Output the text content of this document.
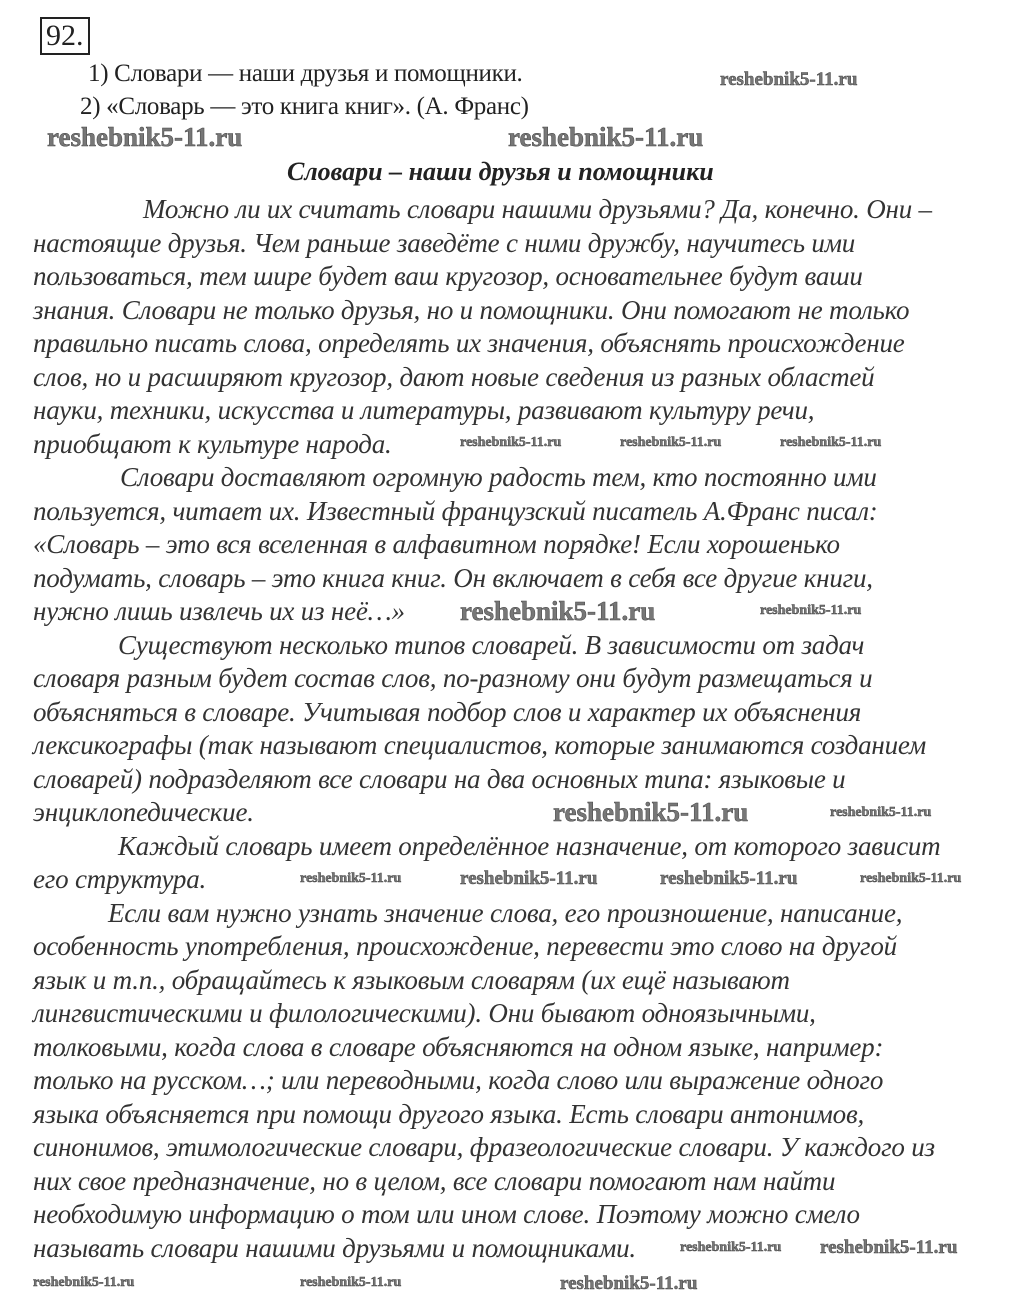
92.
1) Словари — наши друзья и помощники.
2) «Словарь — это книга книг». (А. Франс)
reshebnik5-11.ru	reshebnik5-11.ru
reshebnik5-11.ru
Словари – наши друзья и помощники
Можно ли их считать словари нашими друзьями? Да, конечно. Они –
настоящие друзья. Чем раньше заведёте с ними дружбу, научитесь ими
пользоваться, тем шире будет ваш кругозор, основательнее будут ваши
знания. Словари не только друзья, но и помощники. Они помогают не только
правильно писать слова, определять их значения, объяснять происхождение
слов, но и расширяют кругозор, дают новые сведения из разных областей
науки, техники, искусства и литературы, развивают культуру речи,
приобщают к культуре народа.
Словари доставляют огромную радость тем, кто постоянно ими
пользуется, читает их. Известный французский писатель А.Франс писал:
«Словарь – это вся вселенная в алфавитном порядке! Если хорошенько
подумать, словарь – это книга книг. Он включает в себя все другие книги,
нужно лишь извлечь их из неё…»
Существуют несколько типов словарей. В зависимости от задач
словаря разным будет состав слов, по-разному они будут размещаться и
объясняться в словаре. Учитывая подбор слов и характер их объяснения
лексикографы (так называют специалистов, которые занимаются созданием
словарей) подразделяют все словари на два основных типа: языковые и
энциклопедические.
Каждый словарь имеет определённое назначение, от которого зависит
его структура.
Если вам нужно узнать значение слова, его произношение, написание,
особенность употребления, происхождение, перевести это слово на другой
язык и т.п., обращайтесь к языковым словарям (их ещё называют
лингвистическими и филологическими). Они бывают одноязычными,
толковыми, когда слова в словаре объясняются на одном языке, например:
только на русском…; или переводными, когда слово или выражение одного
языка объясняется при помощи другого языка. Есть словари антонимов,
синонимов, этимологические словари, фразеологические словари. У каждого из
них свое предназначение, но в целом, все словари помогают нам найти
необходимую информацию о том или ином слове. Поэтому можно смело
называть словари нашими друзьями и помощниками.
reshebnik5-11.ru	reshebnik5-11.ru	reshebnik5-11.ru
reshebnik5-11.ru	reshebnik5-11.ru
reshebnik5-11.ru	reshebnik5-11.ru
reshebnik5-11.ru	reshebnik5-11.ru	reshebnik5-11.ru	reshebnik5-11.ru
reshebnik5-11.ru reshebnik5-11.ru
reshebnik5-11.ru	reshebnik5-11.ru	reshebnik5-11.ru
